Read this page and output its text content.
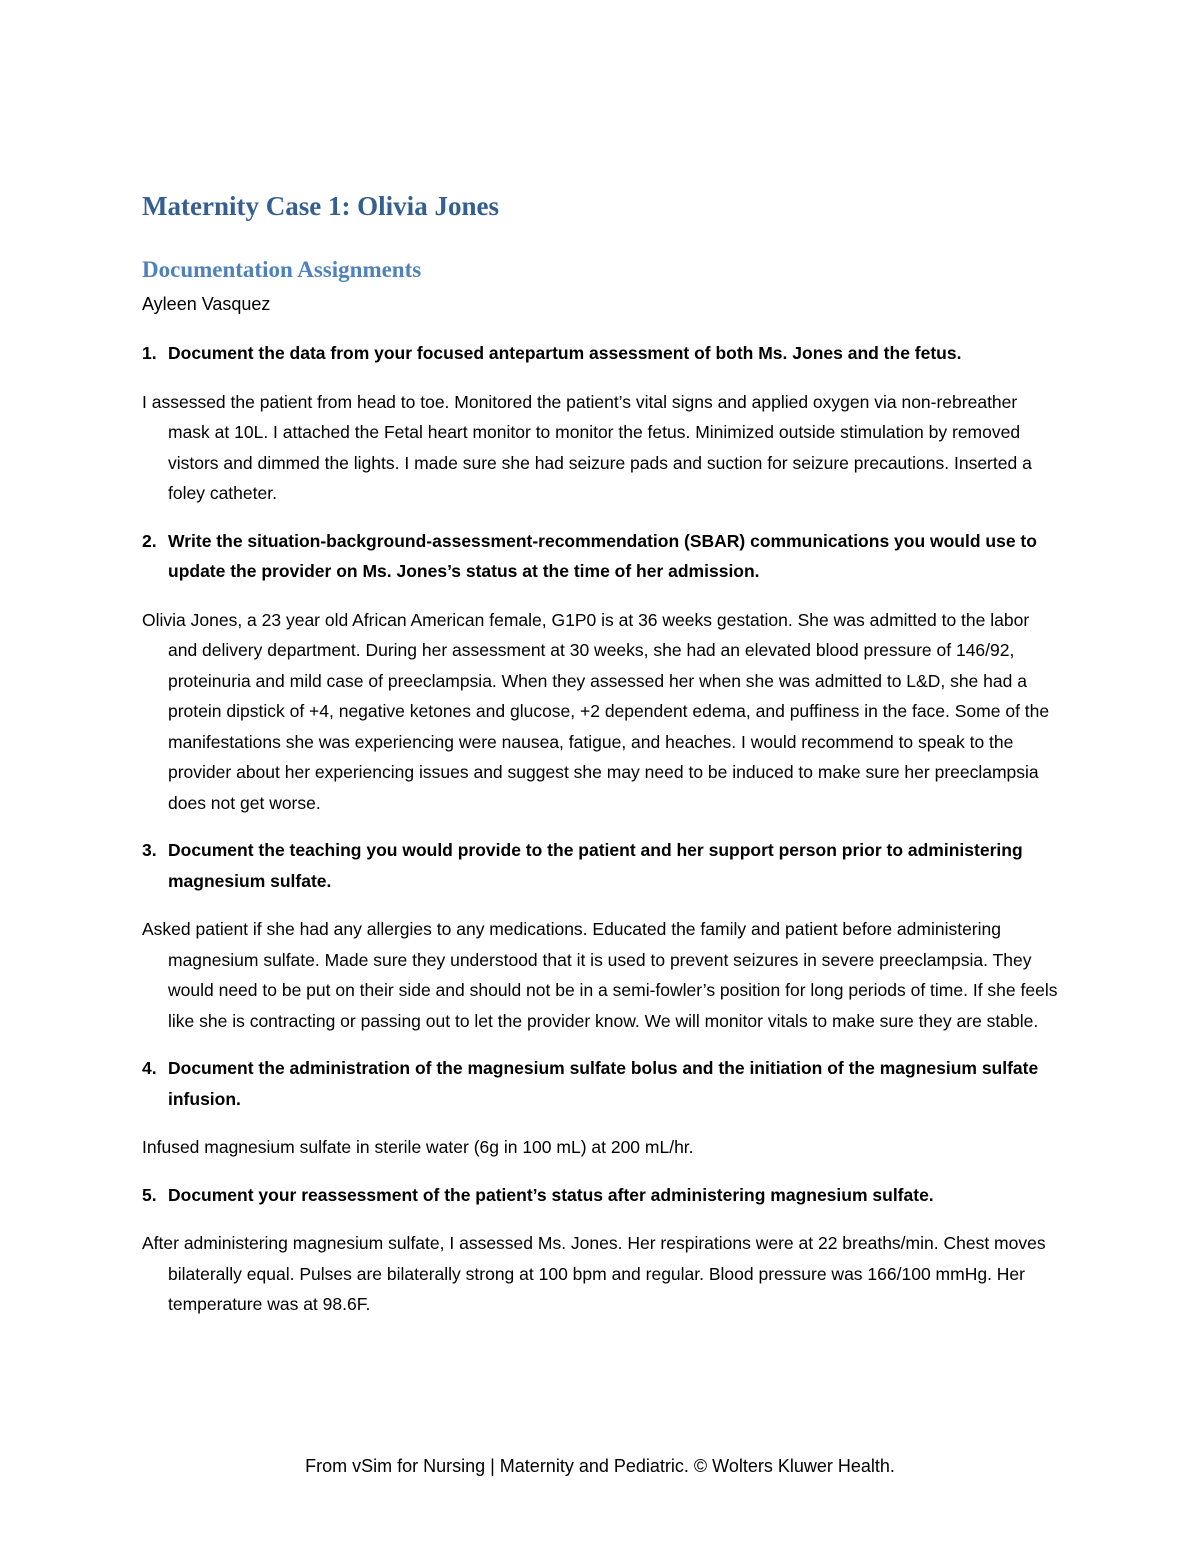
Maternity Case 1: Olivia Jones
Documentation Assignments

Ayleen Vasquez

1. Document the data from your focused antepartum assessment of both Ms. Jones and the fetus.

I assessed the patient from head to toe. Monitored the patient’s vital signs and applied oxygen via non-rebreather mask at 10L. I attached the Fetal heart monitor to monitor the fetus. Minimized outside stimulation by removed vistors and dimmed the lights. I made sure she had seizure pads and suction for seizure precautions. Inserted a foley catheter.

2. Write the situation-background-assessment-recommendation (SBAR) communications you would use to update the provider on Ms. Jones’s status at the time of her admission.

Olivia Jones, a 23 year old African American female, G1P0 is at 36 weeks gestation. She was admitted to the labor and delivery department. During her assessment at 30 weeks, she had an elevated blood pressure of 146/92, proteinuria and mild case of preeclampsia. When they assessed her when she was admitted to L&D, she had a protein dipstick of +4, negative ketones and glucose, +2 dependent edema, and puffiness in the face. Some of the manifestations she was experiencing were nausea, fatigue, and heaches. I would recommend to speak to the provider about her experiencing issues and suggest she may need to be induced to make sure her preeclampsia does not get worse.

3. Document the teaching you would provide to the patient and her support person prior to administering magnesium sulfate.

Asked patient if she had any allergies to any medications. Educated the family and patient before administering magnesium sulfate. Made sure they understood that it is used to prevent seizures in severe preeclampsia. They would need to be put on their side and should not be in a semi-fowler’s position for long periods of time. If she feels like she is contracting or passing out to let the provider know. We will monitor vitals to make sure they are stable.

4. Document the administration of the magnesium sulfate bolus and the initiation of the magnesium sulfate infusion.

Infused magnesium sulfate in sterile water (6g in 100 mL) at 200 mL/hr.

5. Document your reassessment of the patient’s status after administering magnesium sulfate.

After administering magnesium sulfate, I assessed Ms. Jones. Her respirations were at 22 breaths/min. Chest moves bilaterally equal. Pulses are bilaterally strong at 100 bpm and regular. Blood pressure was 166/100 mmHg. Her temperature was at 98.6F.

From vSim for Nursing | Maternity and Pediatric. © Wolters Kluwer Health.
